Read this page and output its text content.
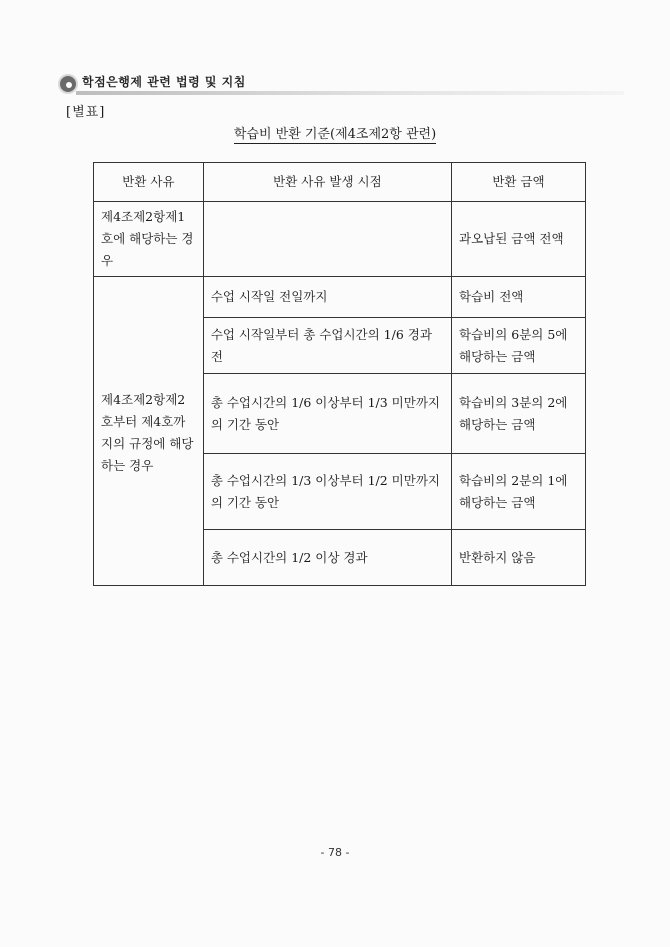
학점은행제 관련 법령 및 지침
[별표]
학습비 반환 기준(제4조제2항 관련)
반환 사유	반환 사유 발생 시점	반환 금액
제4조제2항제1호에 해당하는 경우		과오납된 금액 전액
제4조제2항제2호부터 제4호까지의 규정에 해당하는 경우	수업 시작일 전일까지	학습비 전액
	수업 시작일부터 총 수업시간의 1/6 경과 전	학습비의 6분의 5에 해당하는 금액
	총 수업시간의 1/6 이상부터 1/3 미만까지의 기간 동안	학습비의 3분의 2에 해당하는 금액
	총 수업시간의 1/3 이상부터 1/2 미만까지의 기간 동안	학습비의 2분의 1에 해당하는 금액
	총 수업시간의 1/2 이상 경과	반환하지 않음
- 78 -
